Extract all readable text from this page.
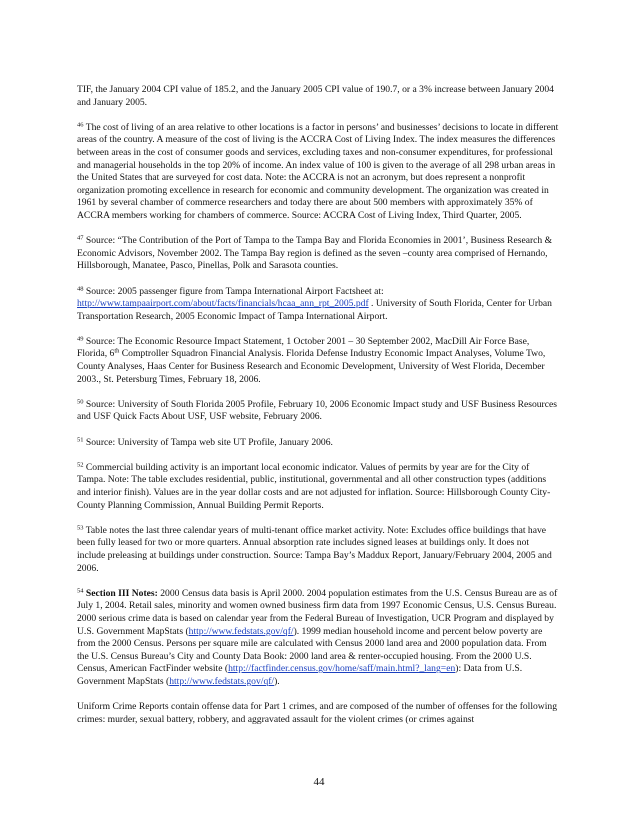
TIF, the January 2004 CPI value of 185.2, and the January 2005 CPI value of 190.7, or a 3% increase between January 2004 and January 2005.

$^{46}$ The cost of living of an area relative to other locations is a factor in persons’ and businesses’ decisions to locate in different areas of the country. A measure of the cost of living is the ACCRA Cost of Living Index. The index measures the differences between areas in the cost of consumer goods and services, excluding taxes and non-consumer expenditures, for professional and managerial households in the top 20% of income. An index value of 100 is given to the average of all 298 urban areas in the United States that are surveyed for cost data. Note: the ACCRA is not an acronym, but does represent a nonprofit organization promoting excellence in research for economic and community development. The organization was created in 1961 by several chamber of commerce researchers and today there are about 500 members with approximately 35% of ACCRA members working for chambers of commerce. Source: ACCRA Cost of Living Index, Third Quarter, 2005.

$^{47}$ Source: “The Contribution of the Port of Tampa to the Tampa Bay and Florida Economies in 2001’, Business Research & Economic Advisors, November 2002. The Tampa Bay region is defined as the seven –county area comprised of Hernando, Hillsborough, Manatee, Pasco, Pinellas, Polk and Sarasota counties.

$^{48}$ Source: 2005 passenger figure from Tampa International Airport Factsheet at: http://www.tampaairport.com/about/facts/financials/hcaa_ann_rpt_2005.pdf . University of South Florida, Center for Urban Transportation Research, 2005 Economic Impact of Tampa International Airport.

$^{49}$ Source: The Economic Resource Impact Statement, 1 October 2001 – 30 September 2002, MacDill Air Force Base, Florida, 6th Comptroller Squadron Financial Analysis. Florida Defense Industry Economic Impact Analyses, Volume Two, County Analyses, Haas Center for Business Research and Economic Development, University of West Florida, December 2003., St. Petersburg Times, February 18, 2006.

$^{50}$ Source: University of South Florida 2005 Profile, February 10, 2006 Economic Impact study and USF Business Resources and USF Quick Facts About USF, USF website, February 2006.

$^{51}$ Source: University of Tampa web site UT Profile, January 2006.

$^{52}$ Commercial building activity is an important local economic indicator. Values of permits by year are for the City of Tampa. Note: The table excludes residential, public, institutional, governmental and all other construction types (additions and interior finish). Values are in the year dollar costs and are not adjusted for inflation. Source: Hillsborough County City-County Planning Commission, Annual Building Permit Reports.

$^{53}$ Table notes the last three calendar years of multi-tenant office market activity. Note: Excludes office buildings that have been fully leased for two or more quarters. Annual absorption rate includes signed leases at buildings only. It does not include preleasing at buildings under construction. Source: Tampa Bay’s Maddux Report, January/February 2004, 2005 and 2006.

$^{54}$ Section III Notes: 2000 Census data basis is April 2000. 2004 population estimates from the U.S. Census Bureau are as of July 1, 2004. Retail sales, minority and women owned business firm data from 1997 Economic Census, U.S. Census Bureau. 2000 serious crime data is based on calendar year from the Federal Bureau of Investigation, UCR Program and displayed by U.S. Government MapStats (http://www.fedstats.gov/qf/). 1999 median household income and percent below poverty are from the 2000 Census. Persons per square mile are calculated with Census 2000 land area and 2000 population data. From the U.S. Census Bureau’s City and County Data Book: 2000 land area & renter-occupied housing. From the 2000 U.S. Census, American FactFinder website (http://factfinder.census.gov/home/saff/main.html?_lang=en): Data from U.S. Government MapStats (http://www.fedstats.gov/qf/).

Uniform Crime Reports contain offense data for Part 1 crimes, and are composed of the number of offenses for the following crimes: murder, sexual battery, robbery, and aggravated assault for the violent crimes (or crimes against

44
